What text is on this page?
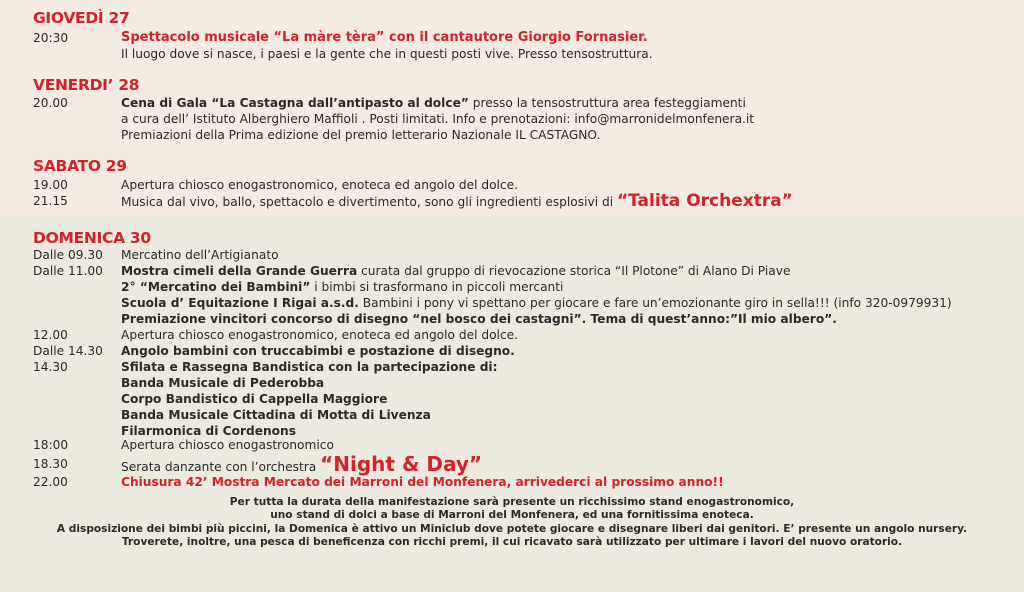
GIOVEDÌ 27
20:30	Spettacolo musicale “La màre tèra” con il cantautore Giorgio Fornasier.
Il luogo dove si nasce, i paesi e la gente che in questi posti vive. Presso tensostruttura.
VENERDI’ 28
20.00	Cena di Gala “La Castagna dall’antipasto al dolce” presso la tensostruttura area festeggiamenti
a cura dell’ Istituto Alberghiero Maffioli . Posti limitati. Info e prenotazioni: info@marronidelmonfenera.it
Premiazioni della Prima edizione del premio letterario Nazionale IL CASTAGNO.
SABATO 29
19.00	Apertura chiosco enogastronomico, enoteca ed angolo del dolce.
21.15	Musica dal vivo, ballo, spettacolo e divertimento, sono gli ingredienti esplosivi di “Talita Orchextra”
DOMENICA 30
Dalle 09.30	Mercatino dell’Artigianato
Dalle 11.00	Mostra cimeli della Grande Guerra curata dal gruppo di rievocazione storica “Il Plotone” di Alano Di Piave
2° “Mercatino dei Bambini” i bimbi si trasformano in piccoli mercanti
Scuola d’ Equitazione I Rigai a.s.d. Bambini i pony vi spettano per giocare e fare un’emozionante giro in sella!!! (info 320-0979931)
Premiazione vincitori concorso di disegno “nel bosco dei castagni”. Tema di quest’anno:”Il mio albero”.
12.00	Apertura chiosco enogastronomico, enoteca ed angolo del dolce.
Dalle 14.30	Angolo bambini con truccabimbi e postazione di disegno.
14.30	Sfilata e Rassegna Bandistica con la partecipazione di:
Banda Musicale di Pederobba
Corpo Bandistico di Cappella Maggiore
Banda Musicale Cittadina di Motta di Livenza
Filarmonica di Cordenons
18:00	Apertura chiosco enogastronomico
18.30	Serata danzante con l’orchestra “Night & Day”
22.00	Chiusura 42’ Mostra Mercato dei Marroni del Monfenera, arrivederci al prossimo anno!!
Per tutta la durata della manifestazione sarà presente un ricchissimo stand enogastronomico,
uno stand di dolci a base di Marroni del Monfenera, ed una fornitissima enoteca.
A disposizione dei bimbi più piccini, la Domenica è attivo un Miniclub dove potete giocare e disegnare liberi dai genitori. E’ presente un angolo nursery.
Troverete, inoltre, una pesca di beneficenza con ricchi premi, il cui ricavato sarà utilizzato per ultimare i lavori del nuovo oratorio.
